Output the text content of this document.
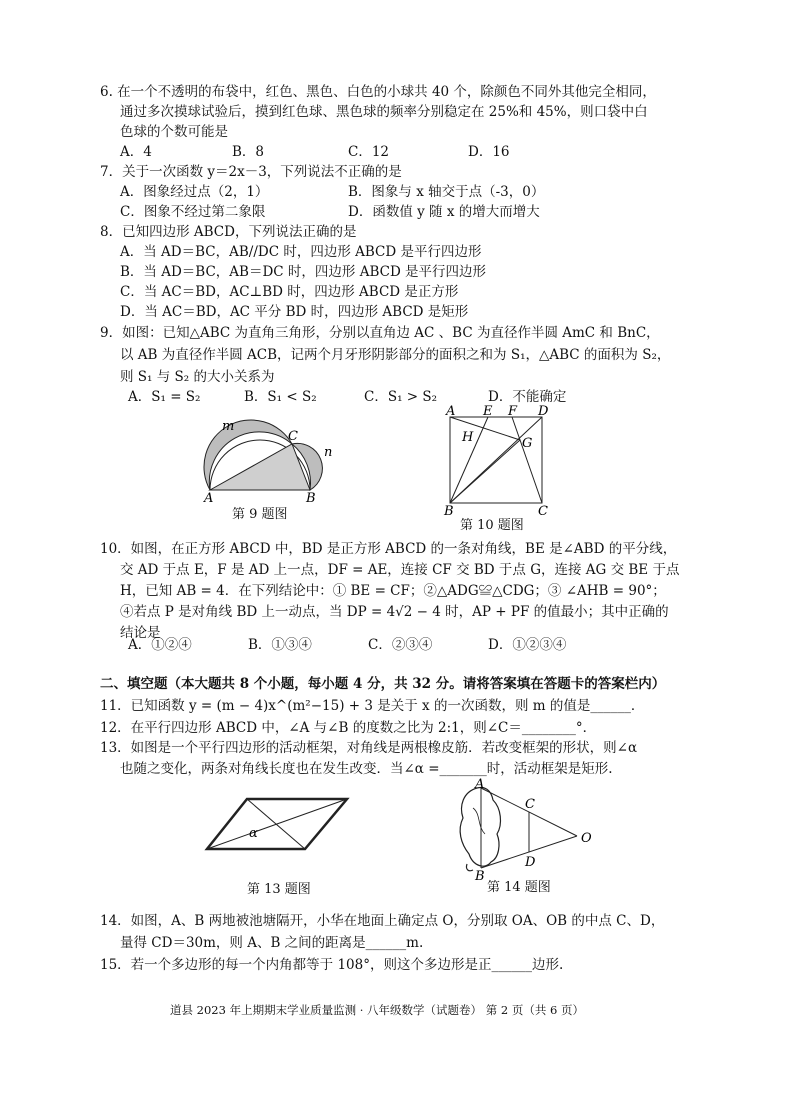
6. 在一个不透明的布袋中，红色、黑色、白色的小球共 40 个，除颜色不同外其他完全相同，
通过多次摸球试验后，摸到红色球、黑色球的频率分别稳定在 25%和 45%，则口袋中白
色球的个数可能是
A．4	B．8	C．12	D．16
7．关于一次函数 y＝2x－3，下列说法不正确的是
A．图象经过点（2，1）	B．图象与 x 轴交于点（-3，0）
C．图象不经过第二象限	D．函数值 y 随 x 的增大而增大
8．已知四边形 ABCD，下列说法正确的是
A．当 AD＝BC，AB//DC 时，四边形 ABCD 是平行四边形
B．当 AD＝BC，AB＝DC 时，四边形 ABCD 是平行四边形
C．当 AC＝BD，AC⊥BD 时，四边形 ABCD 是正方形
D．当 AC＝BD，AC 平分 BD 时，四边形 ABCD 是矩形
9．如图：已知△ABC 为直角三角形，分别以直角边 AC 、BC 为直径作半圆 AmC 和 BnC，
以 AB 为直径作半圆 ACB，记两个月牙形阴影部分的面积之和为 S₁，△ABC 的面积为 S₂，
则 S₁ 与 S₂ 的大小关系为
A．S₁ = S₂	B．S₁ < S₂	C．S₁ > S₂	D．不能确定
m
C
n
A	B
第 9 题图
A E F D
H	G
B	C
第 10 题图
10．如图，在正方形 ABCD 中，BD 是正方形 ABCD 的一条对角线，BE 是∠ABD 的平分线，
交 AD 于点 E，F 是 AD 上一点，DF = AE，连接 CF 交 BD 于点 G，连接 AG 交 BE 于点
H，已知 AB = 4．在下列结论中：① BE = CF；②△ADG≌△CDG；③ ∠AHB = 90°；
④若点 P 是对角线 BD 上一动点，当 DP = 4√2 − 4 时，AP + PF 的值最小；其中正确的
结论是
A．①②④	B．①③④	C．②③④	D．①②③④
二、填空题（本大题共 8 个小题，每小题 4 分，共 32 分。请将答案填在答题卡的答案栏内）
11．已知函数 y = (m − 4)x^(m²−15) + 3 是关于 x 的一次函数，则 m 的值是______．
12．在平行四边形 ABCD 中，∠A 与∠B 的度数之比为 2:1，则∠C＝________°．
13．如图是一个平行四边形的活动框架，对角线是两根橡皮筋．若改变框架的形状，则∠α
也随之变化，两条对角线长度也在发生改变．当∠α =_______时，活动框架是矩形.
α
第 13 题图
A
C
O
D
B
第 14 题图
14．如图，A、B 两地被池塘隔开，小华在地面上确定点 O，分别取 OA、OB 的中点 C、D，
量得 CD＝30m，则 A、B 之间的距离是______m.
15．若一个多边形的每一个内角都等于 108°，则这个多边形是正______边形.
道县 2023 年上期期末学业质量监测 · 八年级数学（试题卷） 第 2 页（共 6 页）
